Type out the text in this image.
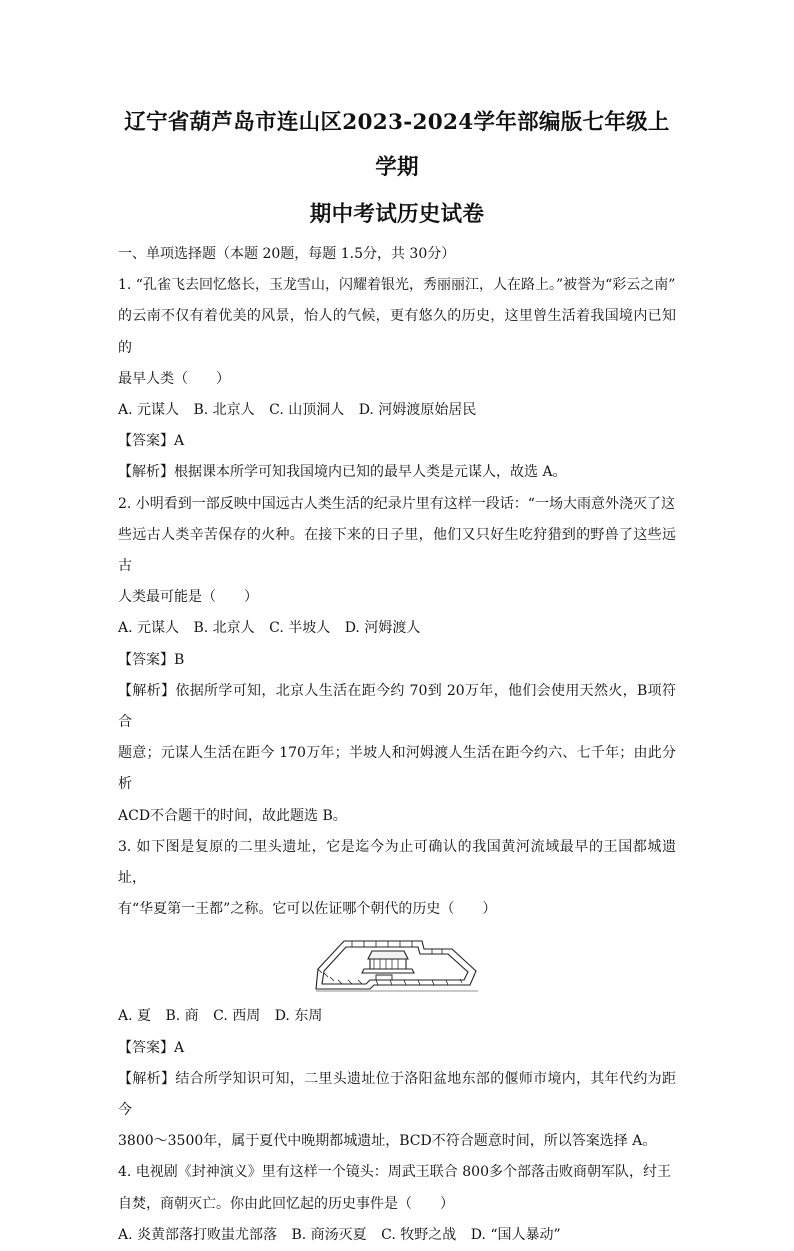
辽宁省葫芦岛市连山区2023-2024学年部编版七年级上学期
期中考试历史试卷

一、单项选择题（本题 20题，每题 1.5分，共 30分）

1. “孔雀飞去回忆悠长，玉龙雪山，闪耀着银光，秀丽丽江，人在路上。”被誉为“彩云之南”

的云南不仅有着优美的风景，怡人的气候，更有悠久的历史，这里曾生活着我国境内已知的

最早人类（　　）

A. 元谋人 B. 北京人 C. 山顶洞人 D. 河姆渡原始居民

【答案】A

【解析】根据课本所学可知我国境内已知的最早人类是元谋人，故选 A。

2. 小明看到一部反映中国远古人类生活的纪录片里有这样一段话：“一场大雨意外浇灭了这

些远古人类辛苦保存的火种。在接下来的日子里，他们又只好生吃狩猎到的野兽了这些远古

人类最可能是（　　）

A. 元谋人 B. 北京人 C. 半坡人 D. 河姆渡人

【答案】B

【解析】依据所学可知，北京人生活在距今约 70到 20万年，他们会使用天然火，B项符合

题意；元谋人生活在距今 170万年；半坡人和河姆渡人生活在距今约六、七千年；由此分析

ACD不合题干的时间，故此题选 B。

3. 如下图是复原的二里头遗址，它是迄今为止可确认的我国黄河流域最早的王国都城遗址，

有“华夏第一王都”之称。它可以佐证哪个朝代的历史（　　）

A. 夏 B. 商 C. 西周 D. 东周

【答案】A

【解析】结合所学知识可知，二里头遗址位于洛阳盆地东部的偃师市境内，其年代约为距今

3800～3500年，属于夏代中晚期都城遗址，BCD不符合题意时间，所以答案选择 A。

4. 电视剧《封神演义》里有这样一个镜头：周武王联合 800多个部落击败商朝军队，纣王

自焚，商朝灭亡。你由此回忆起的历史事件是（　　）

A. 炎黄部落打败蚩尤部落 B. 商汤灭夏 C. 牧野之战 D. “国人暴动”
